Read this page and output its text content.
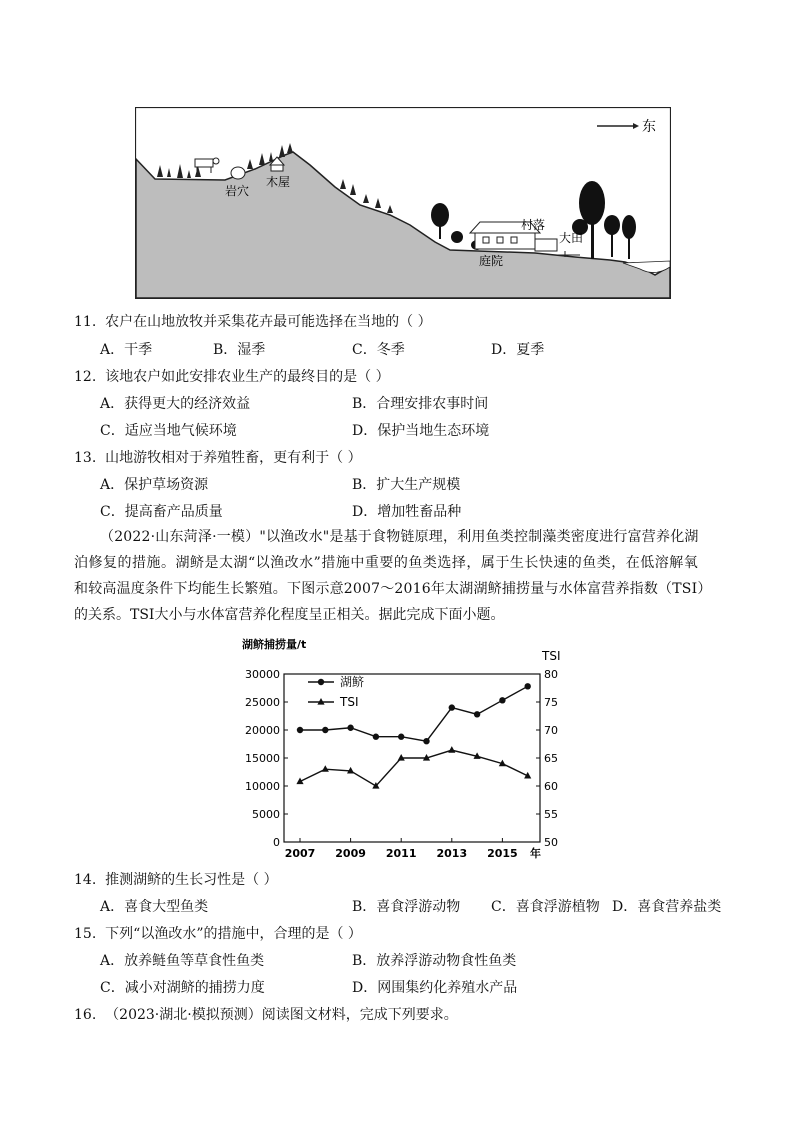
东
岩穴
木屋
村落
庭院
大田
11. 农户在山地放牧并采集花卉最可能选择在当地的（ ）
A．干季	B．湿季	C．冬季	D．夏季
12. 该地农户如此安排农业生产的最终目的是（ ）
A．获得更大的经济效益	B．合理安排农事时间
C．适应当地气候环境	D．保护当地生态环境
13. 山地游牧相对于养殖牲畜，更有利于（ ）
A．保护草场资源	B．扩大生产规模
C．提高畜产品质量	D．增加牲畜品种
（2022·山东菏泽·一模）"以渔改水"是基于食物链原理，利用鱼类控制藻类密度进行富营养化湖
泊修复的措施。湖鲚是太湖“以渔改水”措施中重要的鱼类选择，属于生长快速的鱼类，在低溶解氧
和较高温度条件下均能生长繁殖。下图示意2007～2016年太湖湖鲚捕捞量与水体富营养指数（TSI）
的关系。TSI大小与水体富营养化程度呈正相关。据此完成下面小题。
湖鲚捕捞量/t
TSI
0
5000
10000
15000
20000
25000
30000
50
55
60
65
70
75
80
2007 2009 2011 2013 2015 年
湖鲚
TSI
14. 推测湖鲚的生长习性是（ ）
A．喜食大型鱼类	B．喜食浮游动物 C．喜食浮游植物 D．喜食营养盐类
15. 下列“以渔改水”的措施中，合理的是（ ）
A．放养鲢鱼等草食性鱼类	B．放养浮游动物食性鱼类
C．减小对湖鲚的捕捞力度	D．网围集约化养殖水产品
16. （2023·湖北·模拟预测）阅读图文材料，完成下列要求。
